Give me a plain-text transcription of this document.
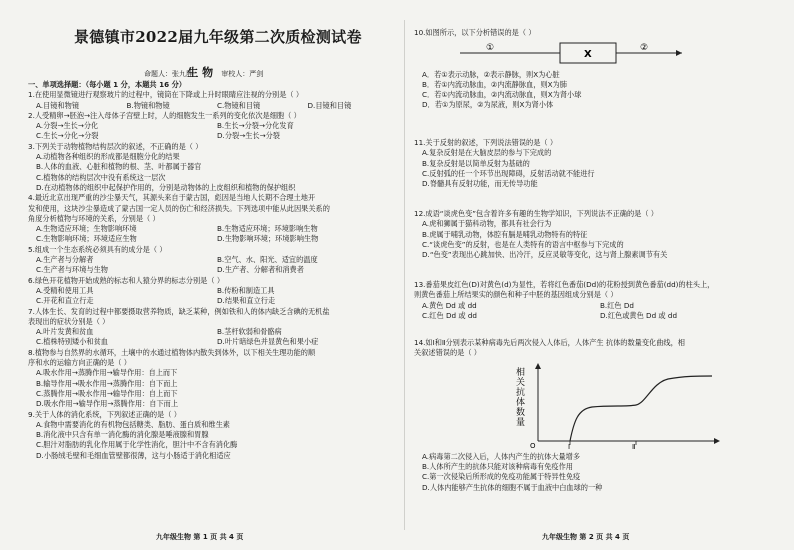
景德镇市2022届九年级第二次质检测试卷
命题人：张九胜 生 物 审校人：严剑
一、单项选择题：（每小题 1 分，本题共 16 分）
1.在使用显微镜进行观察玻片的过程中，镜筒在下降或上升时眼睛应注视的分别是（ ）
A.目镜和物镜	B.物镜和物镜	C.物镜和目镜	D.目镜和目镜
2.人受精卵→胚泡→注入母体子宫壁上时，人的细胞发生一系列的变化依次是细胞（ ）
A.分裂→生长→分化	B.生长→分裂→分化发育
C.生长→分化→分裂	D.分裂→生长→分裂
3.下列关于动物植物结构层次的叙述，不正确的是（ ）
A.动植物各种组织的形成都是细胞分化的结果
B.人体的血液、心脏和植物的根、茎、叶都属于器官
C.植物体的结构层次中没有系统这一层次
D.在动植物体的组织中起保护作用的，分别是动物体的上皮组织和植物的保护组织
4.最近北京出现严重的沙尘暴天气，其源头来自于蒙古国，彪因是当地人长期不合理土地开
发和使用，这块沙尘暴造成了蒙古国一定人员的伤亡和经济损失。下列选项中能从此因果关系的
角度分析植物与环境的关系，分别是（ ）
A.生物适应环境；生物影响环境	B.生物适应环境；环境影响生物
C.生物影响环境；环境适应生物	D.生物影响环境；环境影响生物
5.组成一个生态系统必须具有的成分是（ ）
A.生产者与分解者	B.空气、水、阳光、适宜的温度
C.生产者与环境与生物	D.生产者、分解者和消费者
6.绿色开花植物开始成熟的标志和人猿分界的标志分别是（ ）
A.受精和使用工具	B.传粉和制造工具
C.开花和直立行走	D.结果和直立行走
7.人体生长、发育的过程中都要摄取营养物质，缺乏某种，例如铁和人的体内缺乏含碘的无机盐
表现出的症状分别是（ ）
A.叶片发黄和贫血	B.茎杆软弱和骨骼病
C.植株特别矮小和贫血	D.叶片暗绿色并显黄色和果小症
8.植物参与自然界的水循环，土壤中的水通过植物体内散失到体外，以下相关生理功能的顺
序和水的运输方向正确的是（ ）
A.吸水作用→蒸腾作用→输导作用：自上而下
B.输导作用→吸水作用→蒸腾作用：自下而上
C.蒸腾作用→吸水作用→输导作用：自上而下
D.吸水作用→输导作用→蒸腾作用：自下而上
9.关于人体的消化系统，下列叙述正确的是（ ）
A.食物中需要消化的有机物包括糖类、脂肪、蛋白质和维生素
B.消化液中只含有单一消化酶的消化腺是唾液腺和胃腺
C.胆汁对脂肪的乳化作用属于化学性消化，胆汁中不含有消化酶
D.小肠绒毛壁和毛细血管壁都很薄，这与小肠适于消化相适应
九年级生物 第 1 页 共 4 页
10.如图所示，以下分析错误的是（ ）
①
X
②
A．若①表示动脉，②表示静脉，则X为心脏
B．若①内流动脉血，②内流静脉血，则X为肺
C．若①内流动脉血，②内流动脉血，则X为肾小球
D．若①为原尿，②为尿液，则X为肾小体
11.关于反射的叙述，下列说法错误的是（ ）
A.复杂反射是在大脑皮层的参与下完成的
B.复杂反射是以简单反射为基础的
C.反射弧的任一个环节出现障碍，反射活动就不能进行
D.脊髓具有反射功能，而无传导功能
12.成语“谈虎色变”包含着许多有趣的生物学知识，下列说法不正确的是（ ）
A.虎和狮属于猫科动物，都具有社会行为
B.虎属于哺乳动物，体腔有膈是哺乳动物特有的特征
C.“谈虎色变”的反射，也是在人类特有的语言中枢参与下完成的
D.“色变”表现出心跳加快、出冷汗，反应灵敏等变化，这与肾上腺素调节有关
13.番茄果皮红色(D)对黄色(d)为显性，若将红色番茄(Dd)的花粉授到黄色番茄(dd)的柱头上，
则黄色番茄上所结果实的颜色和种子中胚的基因组成分别是（ ）
A.黄色 Dd 或 dd	B.红色 Dd
C.红色 Dd 或 dd	D.红色或黄色 Dd 或 dd
14.如Ⅰ和Ⅱ分别表示某种病毒先后两次侵入人体后，人体产生 抗体的数量变化曲线，相
关叙述错误的是（ ）
O	Ⅰ	Ⅱ
相关抗体数量
A.病毒第二次侵入后，人体内产生的抗体大量增多
B.人体所产生的抗体只能对该种病毒有免疫作用
C.第一次侵染后所形成的免疫功能属于特异性免疫
D.人体内能够产生抗体的细胞不属于血液中白血球的一种
九年级生物 第 2 页 共 4 页
